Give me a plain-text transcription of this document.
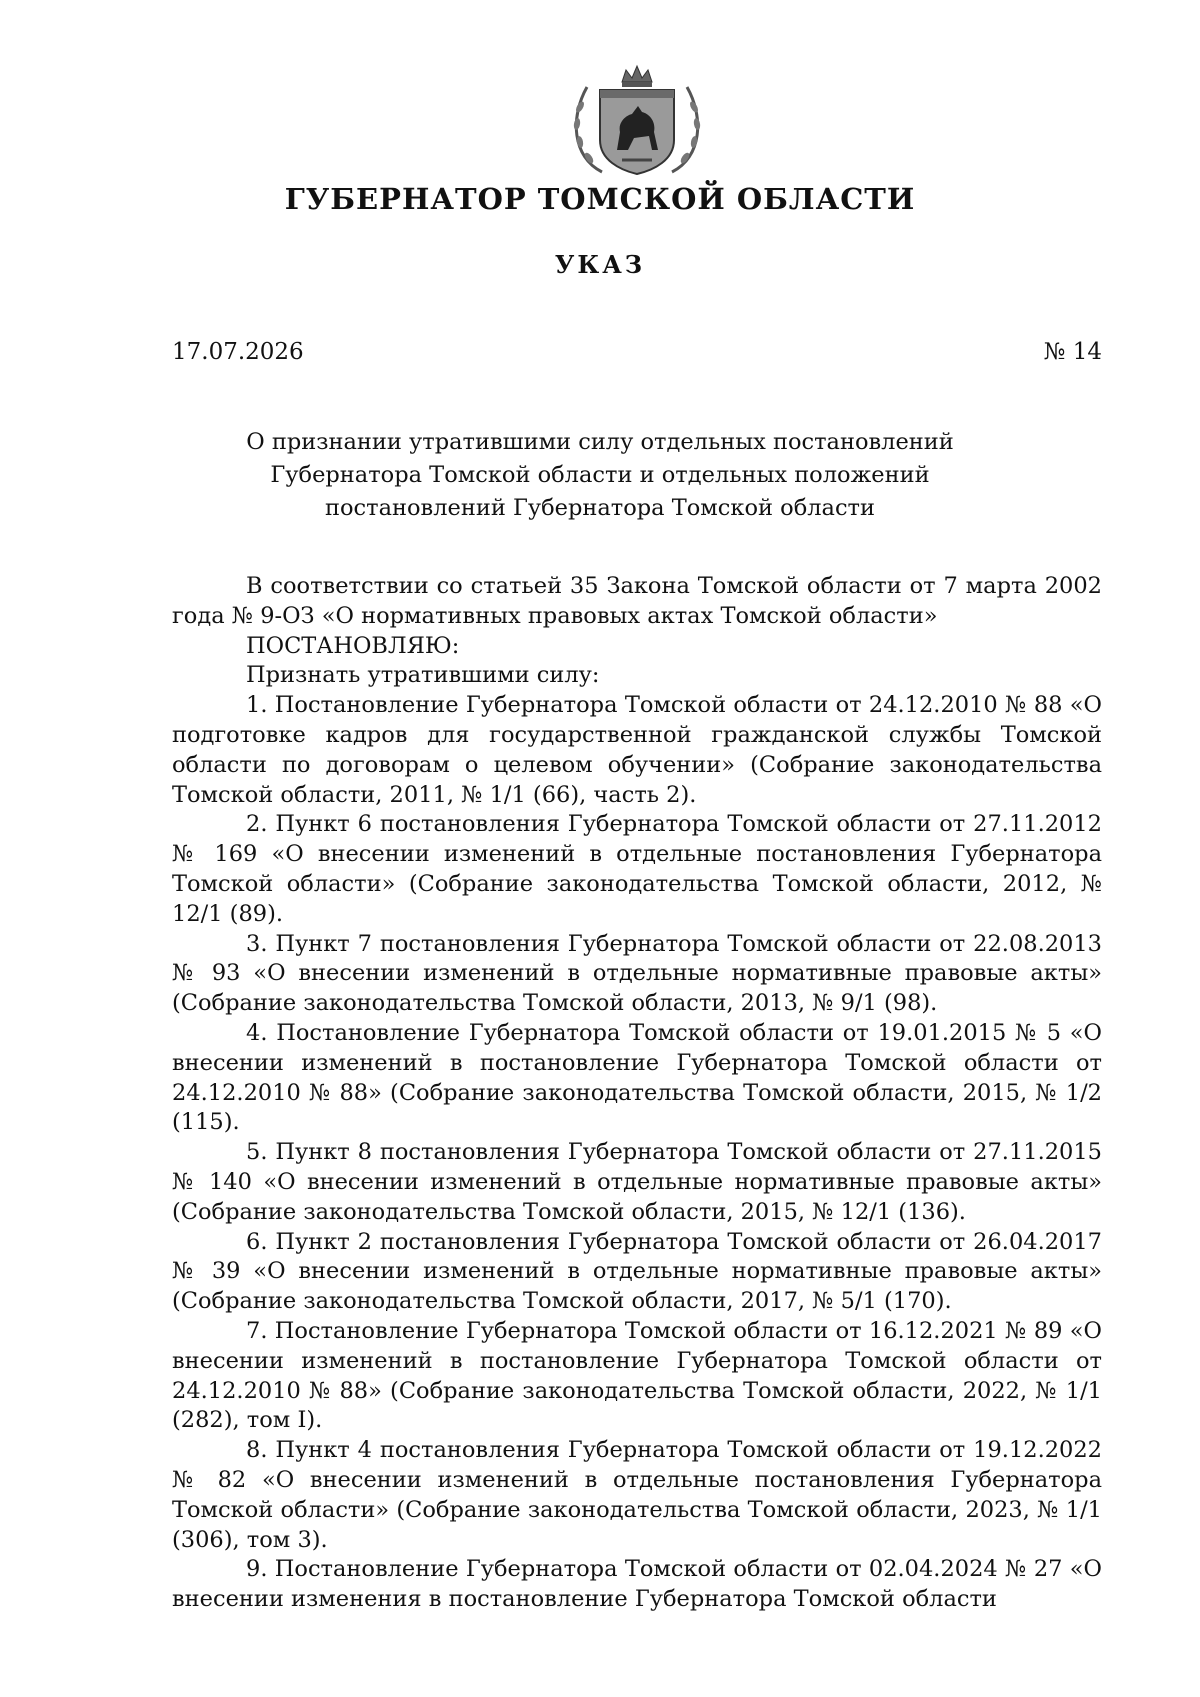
ГУБЕРНАТОР ТОМСКОЙ ОБЛАСТИ
УКАЗ
17.07.2026	№ 14
О признании утратившими силу отдельных постановлений
Губернатора Томской области и отдельных положений
постановлений Губернатора Томской области

В соответствии со статьей 35 Закона Томской области от 7 марта 2002 года № 9-ОЗ «О нормативных правовых актах Томской области»

ПОСТАНОВЛЯЮ:

Признать утратившими силу:

1. Постановление Губернатора Томской области от 24.12.2010 № 88 «О подготовке кадров для государственной гражданской службы Томской области по договорам о целевом обучении» (Собрание законодательства Томской области, 2011, № 1/1 (66), часть 2).

2. Пункт 6 постановления Губернатора Томской области от 27.11.2012 № 169 «О внесении изменений в отдельные постановления Губернатора Томской области» (Собрание законодательства Томской области, 2012, № 12/1 (89).

3. Пункт 7 постановления Губернатора Томской области от 22.08.2013 № 93 «О внесении изменений в отдельные нормативные правовые акты» (Собрание законодательства Томской области, 2013, № 9/1 (98).

4. Постановление Губернатора Томской области от 19.01.2015 № 5 «О внесении изменений в постановление Губернатора Томской области от 24.12.2010 № 88» (Собрание законодательства Томской области, 2015, № 1/2 (115).

5. Пункт 8 постановления Губернатора Томской области от 27.11.2015 № 140 «О внесении изменений в отдельные нормативные правовые акты» (Собрание законодательства Томской области, 2015, № 12/1 (136).

6. Пункт 2 постановления Губернатора Томской области от 26.04.2017 № 39 «О внесении изменений в отдельные нормативные правовые акты» (Собрание законодательства Томской области, 2017, № 5/1 (170).

7. Постановление Губернатора Томской области от 16.12.2021 № 89 «О внесении изменений в постановление Губернатора Томской области от 24.12.2010 № 88» (Собрание законодательства Томской области, 2022, № 1/1 (282), том I).

8. Пункт 4 постановления Губернатора Томской области от 19.12.2022 № 82 «О внесении изменений в отдельные постановления Губернатора Томской области» (Собрание законодательства Томской области, 2023, № 1/1 (306), том 3).

9. Постановление Губернатора Томской области от 02.04.2024 № 27 «О внесении изменения в постановление Губернатора Томской области
